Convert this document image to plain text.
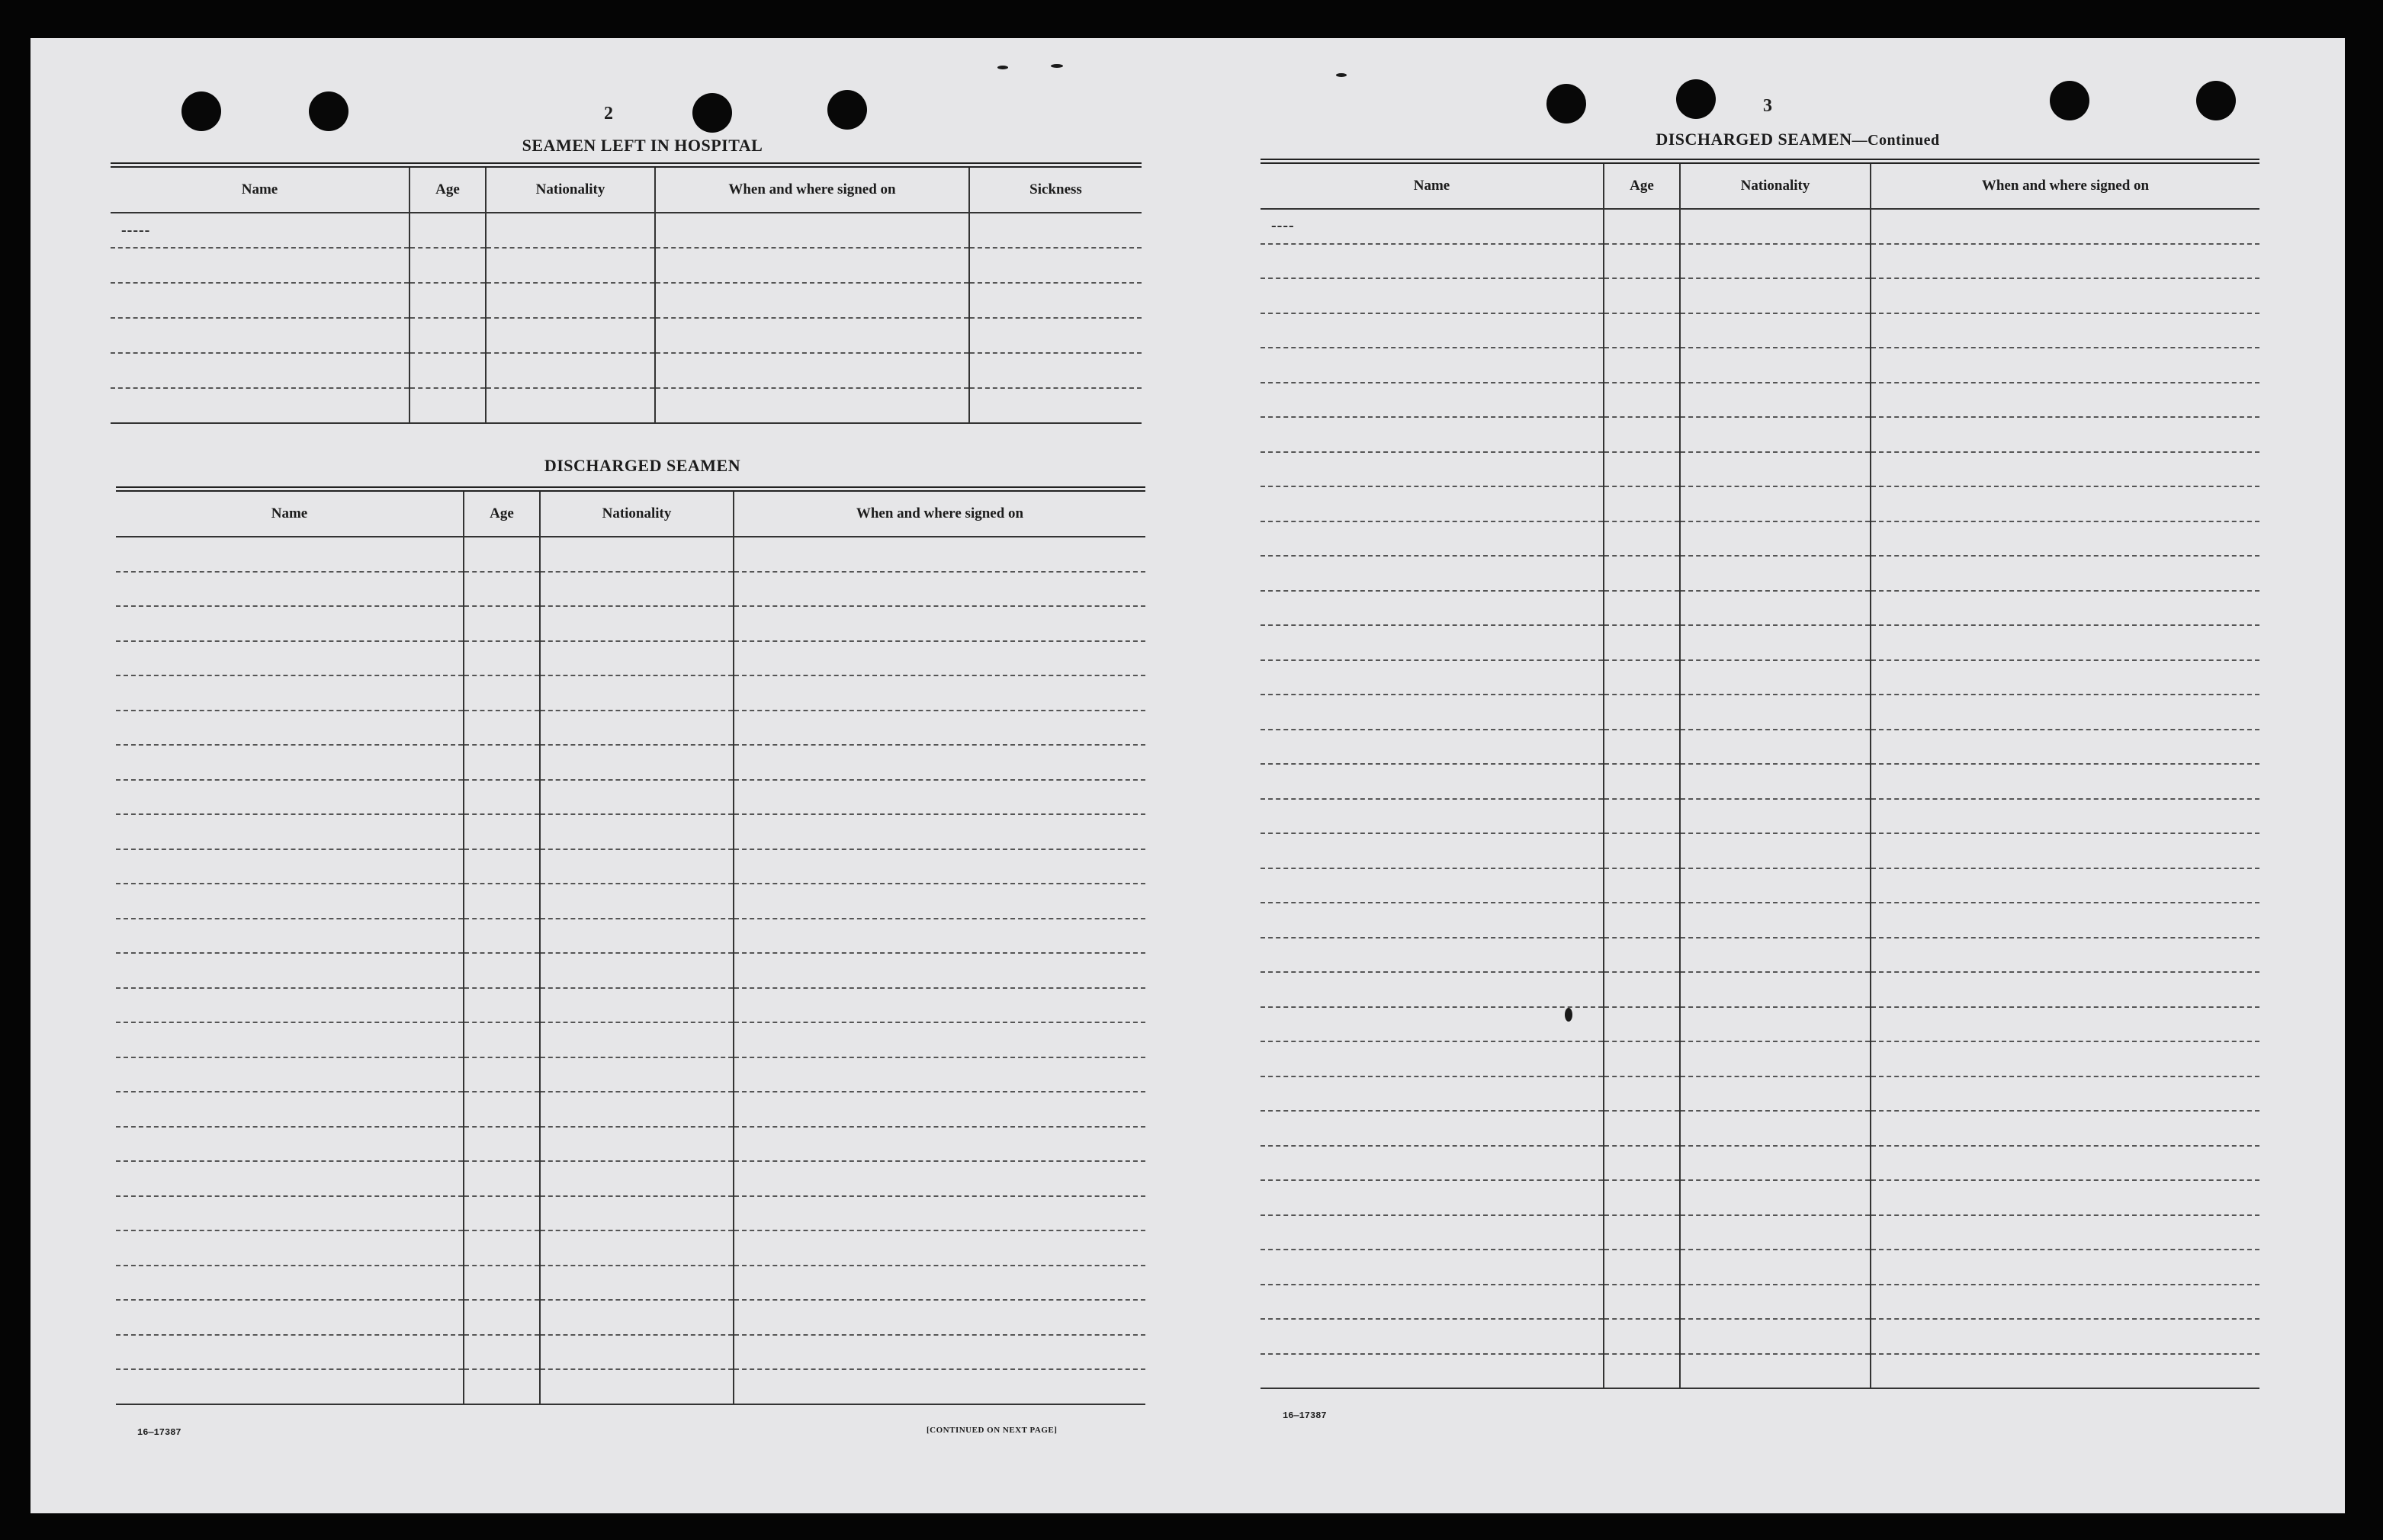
2
SEAMEN LEFT IN HOSPITAL
Name	Age	Nationality	When and where signed on	Sickness
-----				

DISCHARGED SEAMEN
Name	Age	Nationality	When and where signed on

16—17387	[CONTINUED ON NEXT PAGE]
3
DISCHARGED SEAMEN—Continued
Name	Age	Nationality	When and where signed on
----			

16—17387
